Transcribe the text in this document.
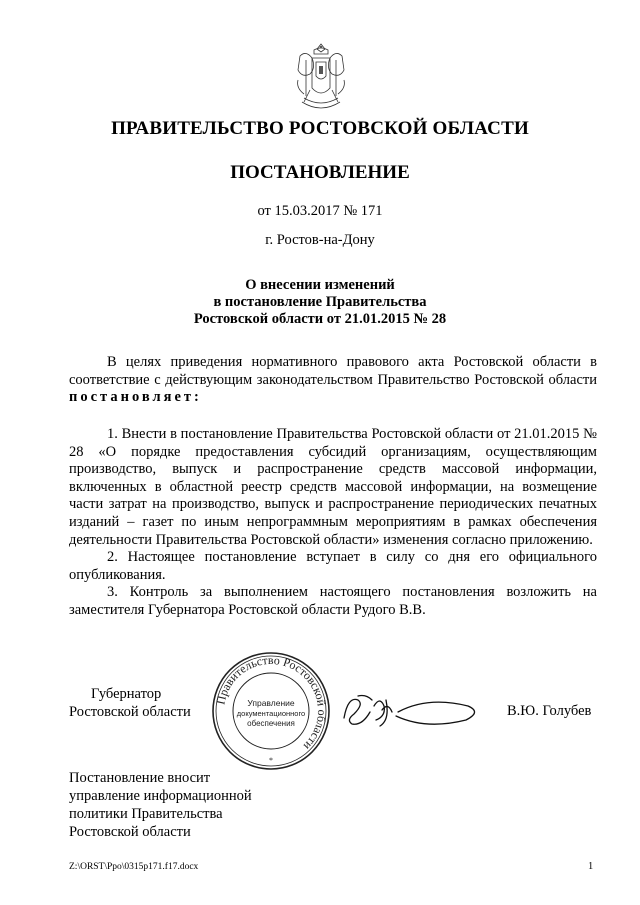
ПРАВИТЕЛЬСТВО РОСТОВСКОЙ ОБЛАСТИ
ПОСТАНОВЛЕНИЕ
от 15.03.2017 № 171
г. Ростов-на-Дону
О внесении изменений
в постановление Правительства
Ростовской области от 21.01.2015 № 28

В целях приведения нормативного правового акта Ростовской области в соответствие с действующим законодательством Правительство Ростовской области постановляет:

1. Внести в постановление Правительства Ростовской области от 21.01.2015 № 28 «О порядке предоставления субсидий организациям, осуществляющим производство, выпуск и распространение средств массовой информации, включенных в областной реестр средств массовой информации, на возмещение части затрат на производство, выпуск и распространение периодических печатных изданий – газет по иным непрограммным мероприятиям в рамках обеспечения деятельности Правительства Ростовской области» изменения согласно приложению.

2. Настоящее постановление вступает в силу со дня его официального опубликования.

3. Контроль за выполнением настоящего постановления возложить на заместителя Губернатора Ростовской области Рудого В.В.

Губернатор
Ростовской области
Правительство Ростовской области
Управление
документационного
обеспечения
*
В.Ю. Голубев
Постановление вносит
управление информационной
политики Правительства
Ростовской области
Z:\ORST\Ppo\0315p171.f17.docx	1
